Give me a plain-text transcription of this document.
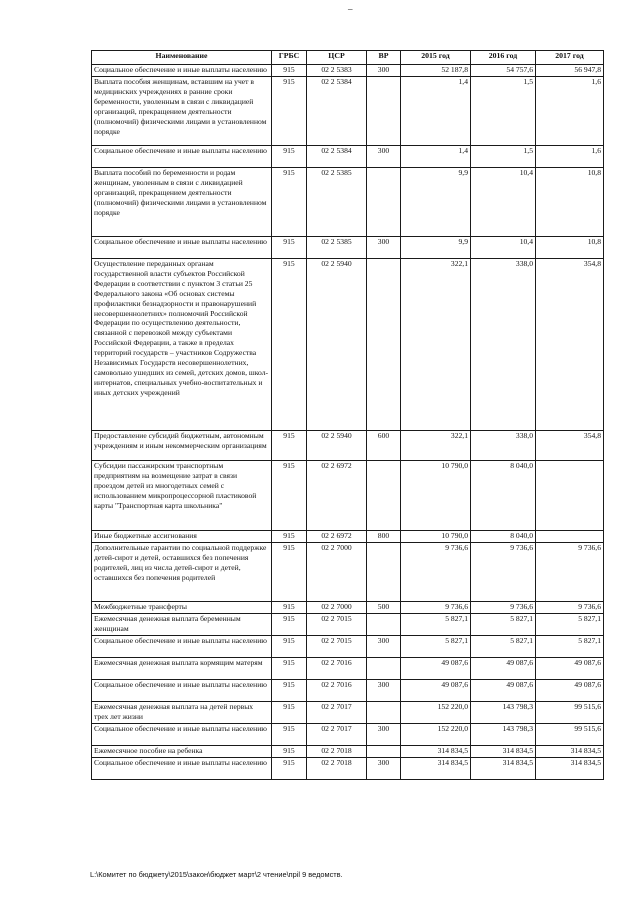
–
Наименование	ГРБС	ЦСР	ВР	2015 год	2016 год	2017 год
Социальное обеспечение и иные выплаты населению	915	02 2 5383	300	52 187,8	54 757,6	56 947,8
Выплата пособия женщинам, вставшим на учет в медицинских учреждениях в ранние сроки беременности, уволенным в связи с ликвидацией организаций, прекращением деятельности (полномочий) физическими лицами в установленном порядке	915	02 2 5384		1,4	1,5	1,6
Социальное обеспечение и иные выплаты населению	915	02 2 5384	300	1,4	1,5	1,6
Выплата пособий по беременности и родам женщинам, уволенным в связи с ликвидацией организаций, прекращением деятельности (полномочий) физическими лицами в установленном порядке	915	02 2 5385		9,9	10,4	10,8
Социальное обеспечение и иные выплаты населению	915	02 2 5385	300	9,9	10,4	10,8
Осуществление переданных органам государственной власти субъектов Российской Федерации в соответствии с пунктом 3 статьи 25 Федерального закона «Об основах системы профилактики безнадзорности и правонарушений несовершеннолетних» полномочий Российской Федерации по осуществлению деятельности, связанной с перевозкой между субъектами Российской Федерации, а также в пределах территорий государств – участников Содружества Независимых Государств несовершеннолетних, самовольно ушедших из семей, детских домов, школ-интернатов, специальных учебно-воспитательных и иных детских учреждений	915	02 2 5940		322,1	338,0	354,8
Предоставление субсидий бюджетным, автономным учреждениям и иным некоммерческим организациям	915	02 2 5940	600	322,1	338,0	354,8
Субсидии пассажирским транспортным предприятиям на возмещение затрат в связи проездом детей из многодетных семей с использованием микропроцессорной пластиковой карты "Транспортная карта школьника"	915	02 2 6972		10 790,0	8 040,0	
Иные бюджетные ассигнования	915	02 2 6972	800	10 790,0	8 040,0	
Дополнительные гарантии по социальной поддержке детей-сирот и детей, оставшихся без попечения родителей, лиц из числа детей-сирот и детей, оставшихся без попечения родителей	915	02 2 7000		9 736,6	9 736,6	9 736,6
Межбюджетные трансферты	915	02 2 7000	500	9 736,6	9 736,6	9 736,6
Ежемесячная денежная выплата беременным женщинам	915	02 2 7015		5 827,1	5 827,1	5 827,1
Социальное обеспечение и иные выплаты населению	915	02 2 7015	300	5 827,1	5 827,1	5 827,1
Ежемесячная денежная выплата кормящим матерям	915	02 2 7016		49 087,6	49 087,6	49 087,6
Социальное обеспечение и иные выплаты населению	915	02 2 7016	300	49 087,6	49 087,6	49 087,6
Ежемесячная денежная выплата на детей первых трех лет жизни	915	02 2 7017		152 220,0	143 798,3	99 515,6
Социальное обеспечение и иные выплаты населению	915	02 2 7017	300	152 220,0	143 798,3	99 515,6
Ежемесячное пособие на ребенка	915	02 2 7018		314 834,5	314 834,5	314 834,5
Социальное обеспечение и иные выплаты населению	915	02 2 7018	300	314 834,5	314 834,5	314 834,5
L:\Комитет по бюджету\2015\закон\бюджет март\2 чтение\прil 9 ведомств.
